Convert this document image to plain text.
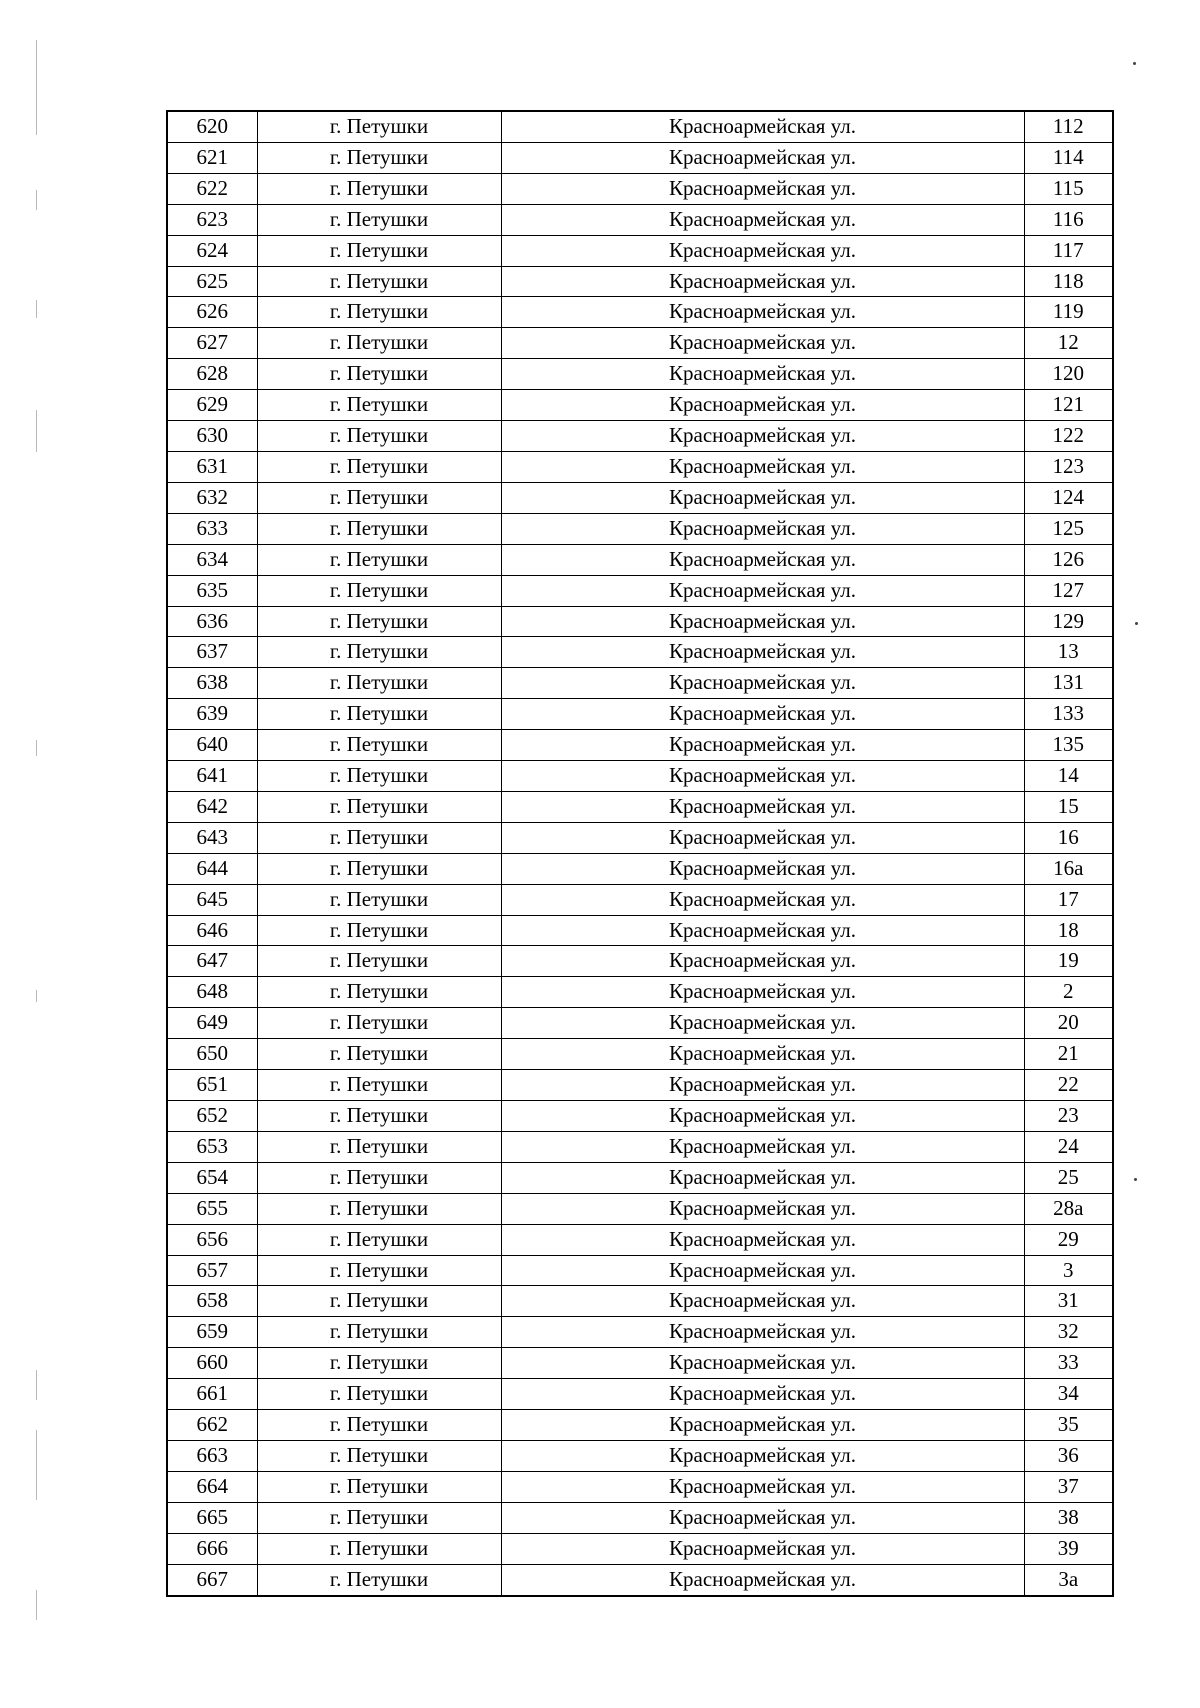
620	г. Петушки	Красноармейская ул.	112
621	г. Петушки	Красноармейская ул.	114
622	г. Петушки	Красноармейская ул.	115
623	г. Петушки	Красноармейская ул.	116
624	г. Петушки	Красноармейская ул.	117
625	г. Петушки	Красноармейская ул.	118
626	г. Петушки	Красноармейская ул.	119
627	г. Петушки	Красноармейская ул.	12
628	г. Петушки	Красноармейская ул.	120
629	г. Петушки	Красноармейская ул.	121
630	г. Петушки	Красноармейская ул.	122
631	г. Петушки	Красноармейская ул.	123
632	г. Петушки	Красноармейская ул.	124
633	г. Петушки	Красноармейская ул.	125
634	г. Петушки	Красноармейская ул.	126
635	г. Петушки	Красноармейская ул.	127
636	г. Петушки	Красноармейская ул.	129
637	г. Петушки	Красноармейская ул.	13
638	г. Петушки	Красноармейская ул.	131
639	г. Петушки	Красноармейская ул.	133
640	г. Петушки	Красноармейская ул.	135
641	г. Петушки	Красноармейская ул.	14
642	г. Петушки	Красноармейская ул.	15
643	г. Петушки	Красноармейская ул.	16
644	г. Петушки	Красноармейская ул.	16а
645	г. Петушки	Красноармейская ул.	17
646	г. Петушки	Красноармейская ул.	18
647	г. Петушки	Красноармейская ул.	19
648	г. Петушки	Красноармейская ул.	2
649	г. Петушки	Красноармейская ул.	20
650	г. Петушки	Красноармейская ул.	21
651	г. Петушки	Красноармейская ул.	22
652	г. Петушки	Красноармейская ул.	23
653	г. Петушки	Красноармейская ул.	24
654	г. Петушки	Красноармейская ул.	25
655	г. Петушки	Красноармейская ул.	28а
656	г. Петушки	Красноармейская ул.	29
657	г. Петушки	Красноармейская ул.	3
658	г. Петушки	Красноармейская ул.	31
659	г. Петушки	Красноармейская ул.	32
660	г. Петушки	Красноармейская ул.	33
661	г. Петушки	Красноармейская ул.	34
662	г. Петушки	Красноармейская ул.	35
663	г. Петушки	Красноармейская ул.	36
664	г. Петушки	Красноармейская ул.	37
665	г. Петушки	Красноармейская ул.	38
666	г. Петушки	Красноармейская ул.	39
667	г. Петушки	Красноармейская ул.	3а
